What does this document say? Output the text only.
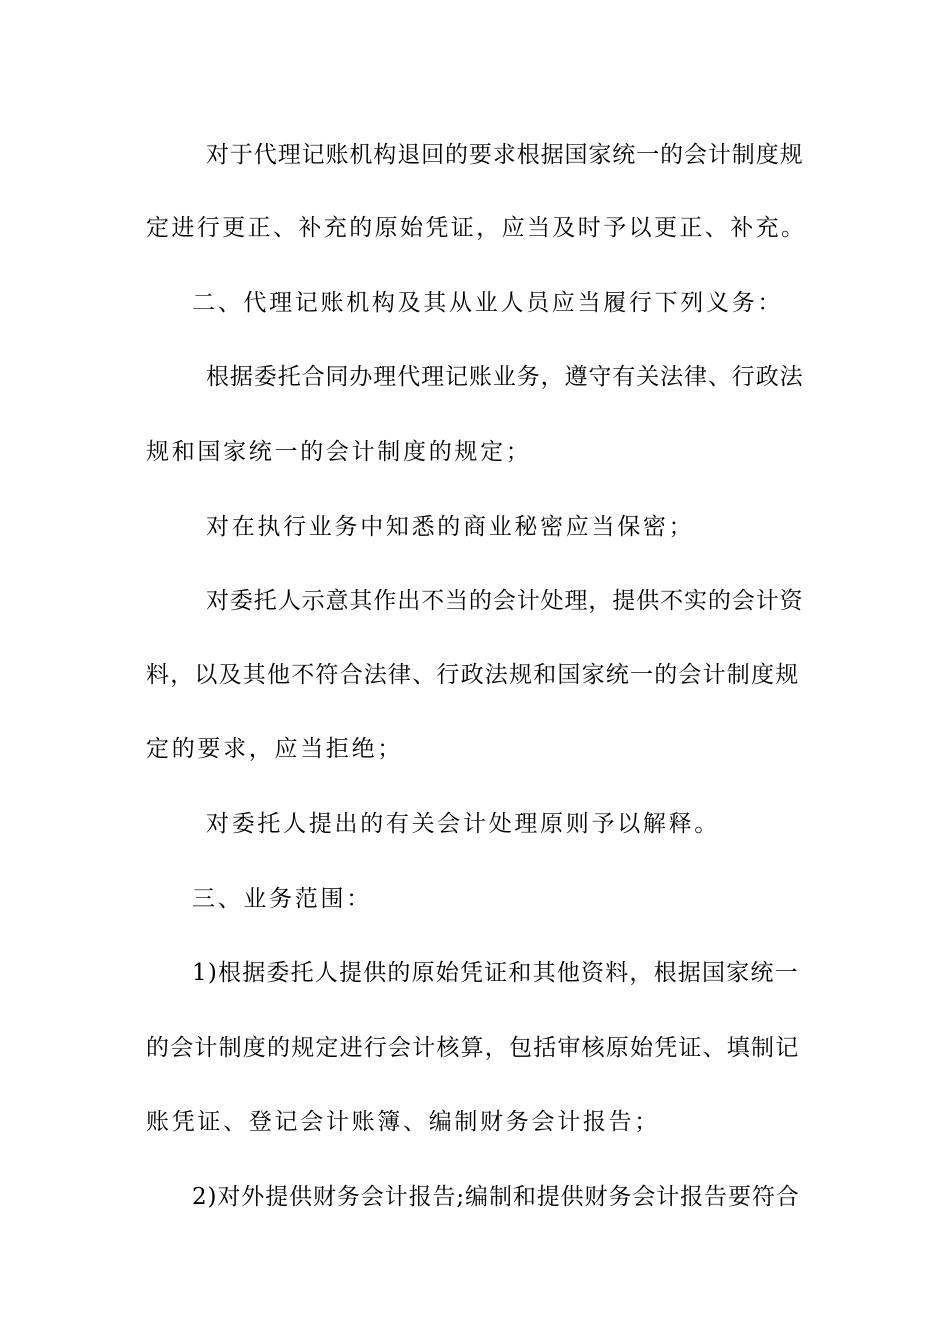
对于代理记账机构退回的要求根据国家统一的会计制度规
定进行更正、补充的原始凭证，应当及时予以更正、补充。
二、代理记账机构及其从业人员应当履行下列义务：
根据委托合同办理代理记账业务，遵守有关法律、行政法
规和国家统一的会计制度的规定；
对在执行业务中知悉的商业秘密应当保密；
对委托人示意其作出不当的会计处理，提供不实的会计资
料，以及其他不符合法律、行政法规和国家统一的会计制度规
定的要求，应当拒绝；
对委托人提出的有关会计处理原则予以解释。
三、业务范围：
1)根据委托人提供的原始凭证和其他资料，根据国家统一
的会计制度的规定进行会计核算，包括审核原始凭证、填制记
账凭证、登记会计账簿、编制财务会计报告；
2)对外提供财务会计报告;编制和提供财务会计报告要符合
